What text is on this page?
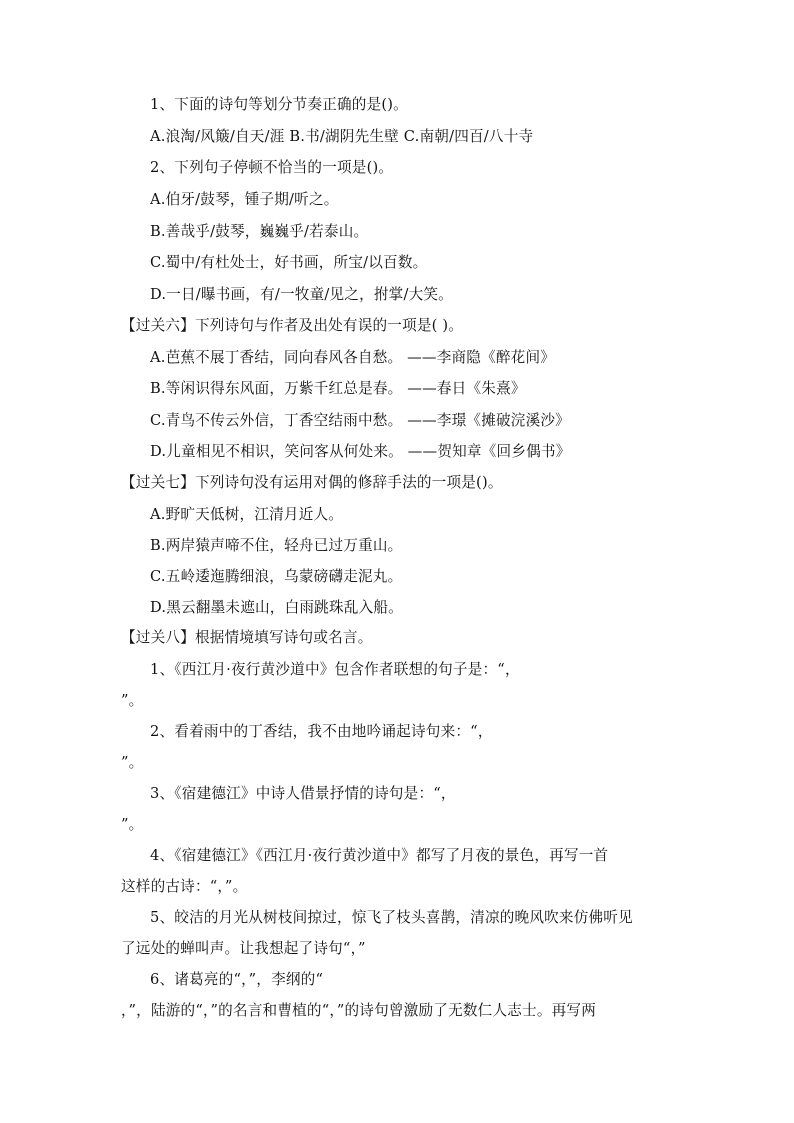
1、下面的诗句等划分节奏正确的是()。
A.浪淘/风簸/自天/涯 B.书/湖阴先生壁 C.南朝/四百/八十寺
2、下列句子停顿不恰当的一项是()。
A.伯牙/鼓琴，锺子期/听之。
B.善哉乎/鼓琴，巍巍乎/若泰山。
C.蜀中/有杜处士，好书画，所宝/以百数。
D.一日/曝书画，有/一牧童/见之，拊掌/大笑。
【过关六】下列诗句与作者及出处有误的一项是( )。
A.芭蕉不展丁香结，同向春风各自愁。 ——李商隐《醉花间》
B.等闲识得东风面，万紫千红总是春。 ——春日《朱熹》
C.青鸟不传云外信，丁香空结雨中愁。 ——李璟《摊破浣溪沙》
D.儿童相见不相识，笑问客从何处来。 ——贺知章《回乡偶书》
【过关七】下列诗句没有运用对偶的修辞手法的一项是()。
A.野旷天低树，江清月近人。
B.两岸猿声啼不住，轻舟已过万重山。
C.五岭逶迤腾细浪，乌蒙磅礴走泥丸。
D.黑云翻墨未遮山，白雨跳珠乱入船。
【过关八】根据情境填写诗句或名言。
1、《西江月·夜行黄沙道中》包含作者联想的句子是：“，
”。
2、看着雨中的丁香结，我不由地吟诵起诗句来：“，
”。
3、《宿建德江》中诗人借景抒情的诗句是：“，
”。
4、《宿建德江》《西江月·夜行黄沙道中》都写了月夜的景色，再写一首
这样的古诗：“，”。
5、皎洁的月光从树枝间掠过，惊飞了枝头喜鹊，清凉的晚风吹来仿佛听见
了远处的蝉叫声。让我想起了诗句“，”
6、诸葛亮的“，”，李纲的“
，”，陆游的“，”的名言和曹植的“，”的诗句曾激励了无数仁人志士。再写两
